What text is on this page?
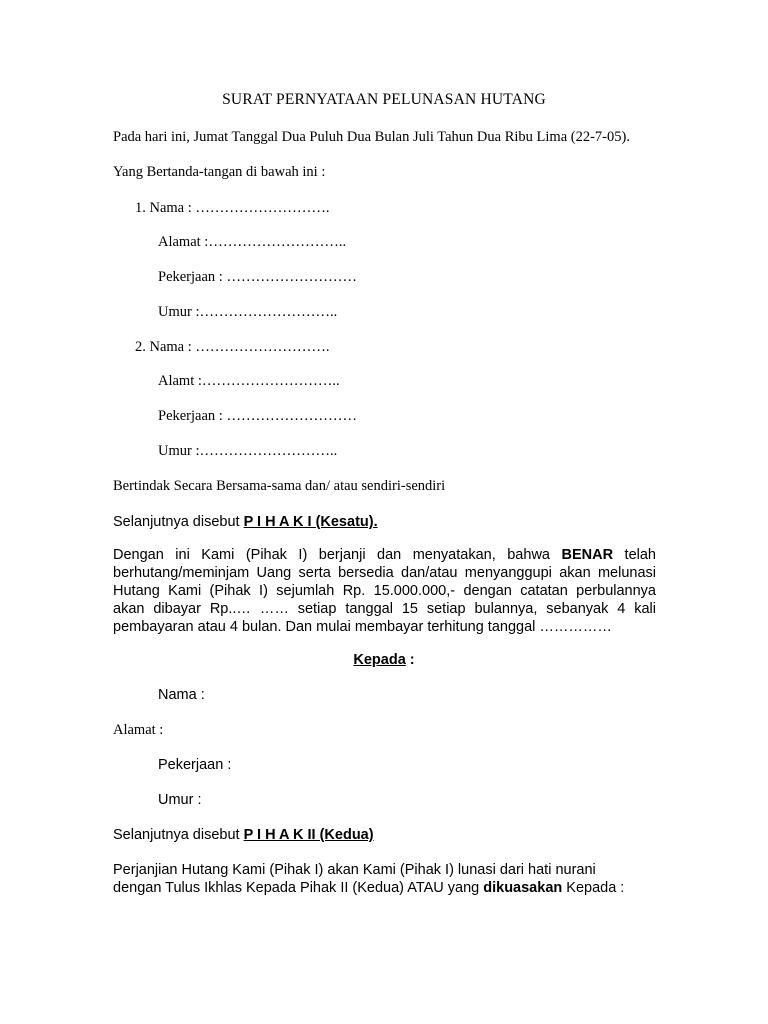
SURAT PERNYATAAN PELUNASAN HUTANG
Pada hari ini, Jumat Tanggal Dua Puluh Dua Bulan Juli Tahun Dua Ribu Lima (22-7-05).
Yang Bertanda-tangan di bawah ini :
1. Nama : ……………………….
Alamat :………………………..
Pekerjaan : ………………………
Umur :………………………..
2. Nama : ……………………….
Alamt :………………………..
Pekerjaan : ………………………
Umur :………………………..
Bertindak Secara Bersama-sama dan/ atau sendiri-sendiri
Selanjutnya disebut P I H A K I (Kesatu).
Dengan ini Kami (Pihak I) berjanji dan menyatakan, bahwa BENAR telah
berhutang/meminjam Uang serta bersedia dan/atau menyanggupi akan melunasi
Hutang Kami (Pihak I) sejumlah Rp. 15.000.000,- dengan catatan perbulannya
akan dibayar Rp..… …… setiap tanggal 15 setiap bulannya, sebanyak 4 kali
pembayaran atau 4 bulan. Dan mulai membayar terhitung tanggal ……………
Kepada :
Nama :
Alamat :
Pekerjaan :
Umur :
Selanjutnya disebut P I H A K II (Kedua)
Perjanjian Hutang Kami (Pihak I) akan Kami (Pihak I) lunasi dari hati nurani
dengan Tulus Ikhlas Kepada Pihak II (Kedua) ATAU yang dikuasakan Kepada :
